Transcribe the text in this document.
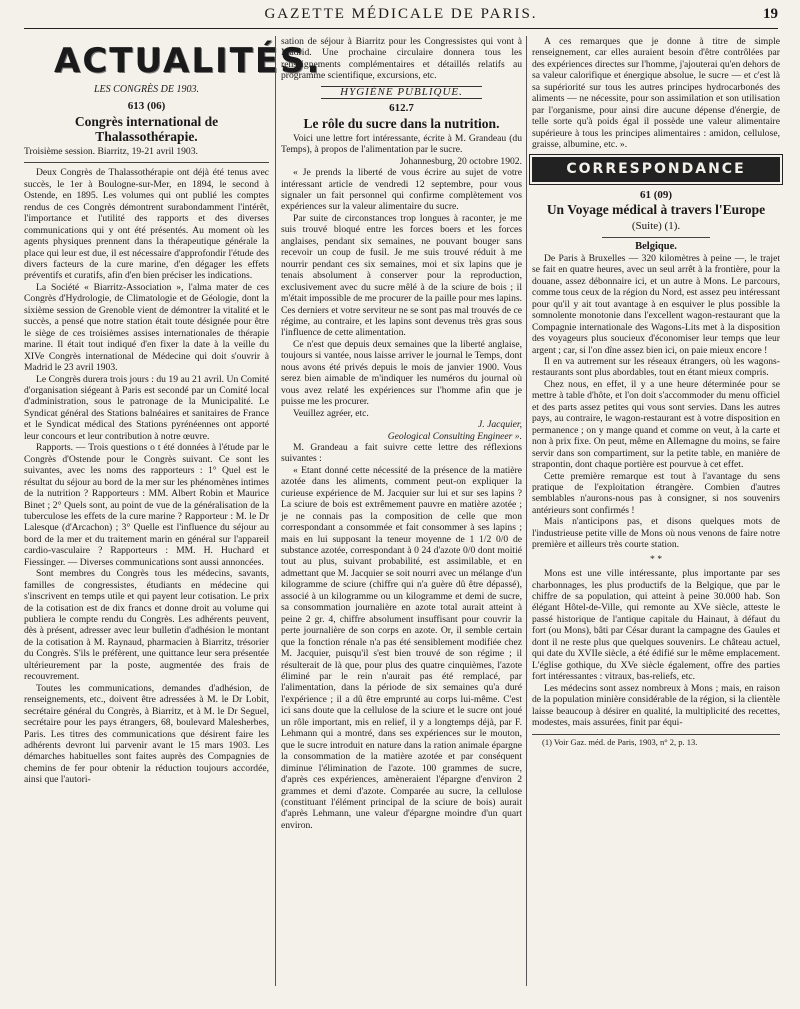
GAZETTE MÉDICALE DE PARIS.	19
ACTUALITÉS.
LES CONGRÈS DE 1903.
613 (06)
Congrès international de Thalassothérapie.

Troisième session. Biarritz, 19-21 avril 1903.

Deux Congrès de Thalassothérapie ont déjà été tenus avec succès, le 1er à Boulogne-sur-Mer, en 1894, le second à Ostende, en 1895. Les volumes qui ont publié les comptes rendus de ces Congrès démontrent surabondamment l'intérêt, l'importance et l'utilité des rapports et des diverses communications qui y ont été présentés. Au moment où les agents physiques prennent dans la thérapeutique générale la place qui leur est due, il est nécessaire d'approfondir l'étude des divers facteurs de la cure marine, d'en dégager les effets préventifs et curatifs, afin d'en bien préciser les indications.

La Société « Biarritz-Association », l'alma mater de ces Congrès d'Hydrologie, de Climatologie et de Géologie, dont la sixième session de Grenoble vient de démontrer la vitalité et le succès, a pensé que notre station était toute désignée pour être le siège de ces troisièmes assises internationales de thérapie marine. Il était tout indiqué d'en fixer la date à la veille du XIVe Congrès international de Médecine qui doit s'ouvrir à Madrid le 23 avril 1903.

Le Congrès durera trois jours : du 19 au 21 avril. Un Comité d'organisation siégeant à Paris est secondé par un Comité local d'administration, sous le patronage de la Municipalité. Le Syndicat général des Stations balnéaires et sanitaires de France et le Syndicat médical des Stations pyrénéennes ont apporté leur concours et leur contribution à notre œuvre.

Rapports. — Trois questions o t été données à l'étude par le Congrès d'Ostende pour le Congrès suivant. Ce sont les suivantes, avec les noms des rapporteurs : 1° Quel est le résultat du séjour au bord de la mer sur les phénomènes intimes de la nutrition ? Rapporteurs : MM. Albert Robin et Maurice Binet ; 2° Quels sont, au point de vue de la généralisation de la tuberculose les effets de la cure marine ? Rapporteur : M. le Dr Lalesque (d'Arcachon) ; 3° Quelle est l'influence du séjour au bord de la mer et du traitement marin en général sur l'appareil cardio-vasculaire ? Rapporteurs : MM. H. Huchard et Fiessinger. — Diverses communications sont aussi annoncées.

Sont membres du Congrès tous les médecins, savants, familles de congressistes, étudiants en médecine qui s'inscrivent en temps utile et qui payent leur cotisation. Le prix de la cotisation est de dix francs et donne droit au volume qui publiera le compte rendu du Congrès. Les adhérents peuvent, dès à présent, adresser avec leur bulletin d'adhésion le montant de la cotisation à M. Raynaud, pharmacien à Biarritz, trésorier du Congrès. S'ils le préfèrent, une quittance leur sera présentée ultérieurement par la poste, augmentée des frais de recouvrement.

Toutes les communications, demandes d'adhésion, de renseignements, etc., doivent être adressées à M. le Dr Lobit, secrétaire général du Congrès, à Biarritz, et à M. le Dr Seguel, secrétaire pour les pays étrangers, 68, boulevard Malesherbes, Paris. Les titres des communications que désirent faire les adhérents devront lui parvenir avant le 15 mars 1903. Les démarches habituelles sont faites auprès des Compagnies de chemins de fer pour obtenir la réduction toujours accordée, ainsi que l'autori-

sation de séjour à Biarritz pour les Congressistes qui vont à Madrid. Une prochaine circulaire donnera tous les renseignements complémentaires et détaillés relatifs au programme scientifique, excursions, etc.

HYGIÈNE PUBLIQUE.
612.7
Le rôle du sucre dans la nutrition.

Voici une lettre fort intéressante, écrite à M. Grandeau (du Temps), à propos de l'alimentation par le sucre.

Johannesburg, 20 octobre 1902.

« Je prends la liberté de vous écrire au sujet de votre intéressant article de vendredi 12 septembre, pour vous signaler un fait personnel qui confirme complètement vos expériences sur la valeur alimentaire du sucre.

Par suite de circonstances trop longues à raconter, je me suis trouvé bloqué entre les forces boers et les forces anglaises, pendant six semaines, ne pouvant bouger sans recevoir un coup de fusil. Je me suis trouvé réduit à me nourrir pendant ces six semaines, moi et six lapins que je tenais absolument à conserver pour la reproduction, exclusivement avec du sucre mêlé à de la sciure de bois ; il m'était impossible de me procurer de la paille pour mes lapins. Ces derniers et votre serviteur ne se sont pas mal trouvés de ce régime, au contraire, et les lapins sont devenus très gras sous l'influence de cette alimentation.

Ce n'est que depuis deux semaines que la liberté anglaise, toujours si vantée, nous laisse arriver le journal le Temps, dont nous avons été privés depuis le mois de janvier 1900. Vous serez bien aimable de m'indiquer les numéros du journal où vous avez relaté les expériences sur l'homme afin que je puisse me les procurer.

Veuillez agréer, etc.

J. Jacquier,
Geological Consulting Engineer ».

M. Grandeau a fait suivre cette lettre des réflexions suivantes :

« Etant donné cette nécessité de la présence de la matière azotée dans les aliments, comment peut-on expliquer la curieuse expérience de M. Jacquier sur lui et sur ses lapins ? La sciure de bois est extrêmement pauvre en matière azotée ; je ne connais pas la composition de celle que mon correspondant a consommée et fait consommer à ses lapins ; mais en lui supposant la teneur moyenne de 1 1/2 0/0 de substance azotée, correspondant à 0 24 d'azote 0/0 dont moitié tout au plus, suivant probabilité, est assimilable, et en admettant que M. Jacquier se soit nourri avec un mélange d'un kilogramme de sciure (chiffre qui n'a guère dû être dépassé), associé à un kilogramme ou un kilogramme et demi de sucre, sa consommation journalière en azote total aurait atteint à peine 2 gr. 4, chiffre absolument insuffisant pour couvrir la perte journalière de son corps en azote. Or, il semble certain que la fonction rénale n'a pas été sensiblement modifiée chez M. Jacquier, puisqu'il s'est bien trouvé de son régime ; il résulterait de là que, pour plus des quatre cinquièmes, l'azote éliminé par le rein n'aurait pas été remplacé, par l'alimentation, dans la période de six semaines qu'a duré l'expérience ; il a dû être emprunté au corps lui-même. C'est ici sans doute que la cellulose de la sciure et le sucre ont joué un rôle important, mis en relief, il y a longtemps déjà, par F. Lehmann qui a montré, dans ses expériences sur le mouton, que le sucre introduit en nature dans la ration animale épargne la consommation de la matière azotée et par conséquent diminue l'élimination de l'azote. 100 grammes de sucre, d'après ces expériences, amèneraient l'épargne d'environ 2 grammes et demi d'azote. Comparée au sucre, la cellulose (constituant l'élément principal de la sciure de bois) aurait d'après Lehmann, une valeur d'épargne moindre d'un quart environ.

A ces remarques que je donne à titre de simple renseignement, car elles auraient besoin d'être contrôlées par des expériences directes sur l'homme, j'ajouterai qu'en dehors de sa valeur calorifique et énergique absolue, le sucre — et c'est là sa supériorité sur tous les autres principes hydrocarbonés des aliments — ne nécessite, pour son assimilation et son utilisation par l'organisme, pour ainsi dire aucune dépense d'énergie, de telle sorte qu'à poids égal il possède une valeur alimentaire supérieure à tous les principes alimentaires : amidon, cellulose, graisse, albumine, etc. ».

CORRESPONDANCE
61 (09)
Un Voyage médical à travers l'Europe (Suite) (1).
Belgique.

De Paris à Bruxelles — 320 kilomètres à peine —, le trajet se fait en quatre heures, avec un seul arrêt à la frontière, pour la douane, assez débonnaire ici, et un autre à Mons. Le parcours, comme tous ceux de la région du Nord, est assez peu intéressant pour qu'il y ait tout avantage à en esquiver le plus possible la somnolente monotonie dans l'excellent wagon-restaurant que la Compagnie internationale des Wagons-Lits met à la disposition des voyageurs plus soucieux d'économiser leur temps que leur argent ; car, si l'on dîne assez bien ici, on paie mieux encore !

Il en va autrement sur les réseaux étrangers, où les wagons-restaurants sont plus abordables, tout en étant mieux compris.

Chez nous, en effet, il y a une heure déterminée pour se mettre à table d'hôte, et l'on doit s'accommoder du menu officiel et des parts assez petites qui vous sont servies. Dans les autres pays, au contraire, le wagon-restaurant est à votre disposition en permanence ; on y mange quand et comme on veut, à la carte et non à prix fixe. On peut, même en Allemagne du moins, se faire servir dans son compartiment, sur la petite table, en manière de strapontin, dont chaque portière est pourvue à cet effet.

Cette première remarque est tout à l'avantage du sens pratique de l'exploitation étrangère. Combien d'autres semblables n'aurons-nous pas à consigner, si nos souvenirs antérieurs sont confirmés !

Mais n'anticipons pas, et disons quelques mots de l'industrieuse petite ville de Mons où nous venons de faire notre première et ailleurs très courte station.

* *

Mons est une ville intéressante, plus importante par ses charbonnages, les plus productifs de la Belgique, que par le chiffre de sa population, qui atteint à peine 30.000 hab. Son élégant Hôtel-de-Ville, qui remonte au XVe siècle, atteste le passé historique de l'antique capitale du Hainaut, à défaut du fort (ou Mons), bâti par César durant la campagne des Gaules et dont il ne reste plus que quelques souvenirs. Le château actuel, qui date du XVIIe siècle, a été édifié sur le même emplacement. L'église gothique, du XVe siècle également, offre des parties fort intéressantes : vitraux, bas-reliefs, etc.

Les médecins sont assez nombreux à Mons ; mais, en raison de la population minière considérable de la région, si la clientèle laisse beaucoup à désirer en qualité, la multiplicité des recettes, modestes, mais assurées, finit par équi-

(1) Voir Gaz. méd. de Paris, 1903, n° 2, p. 13.
